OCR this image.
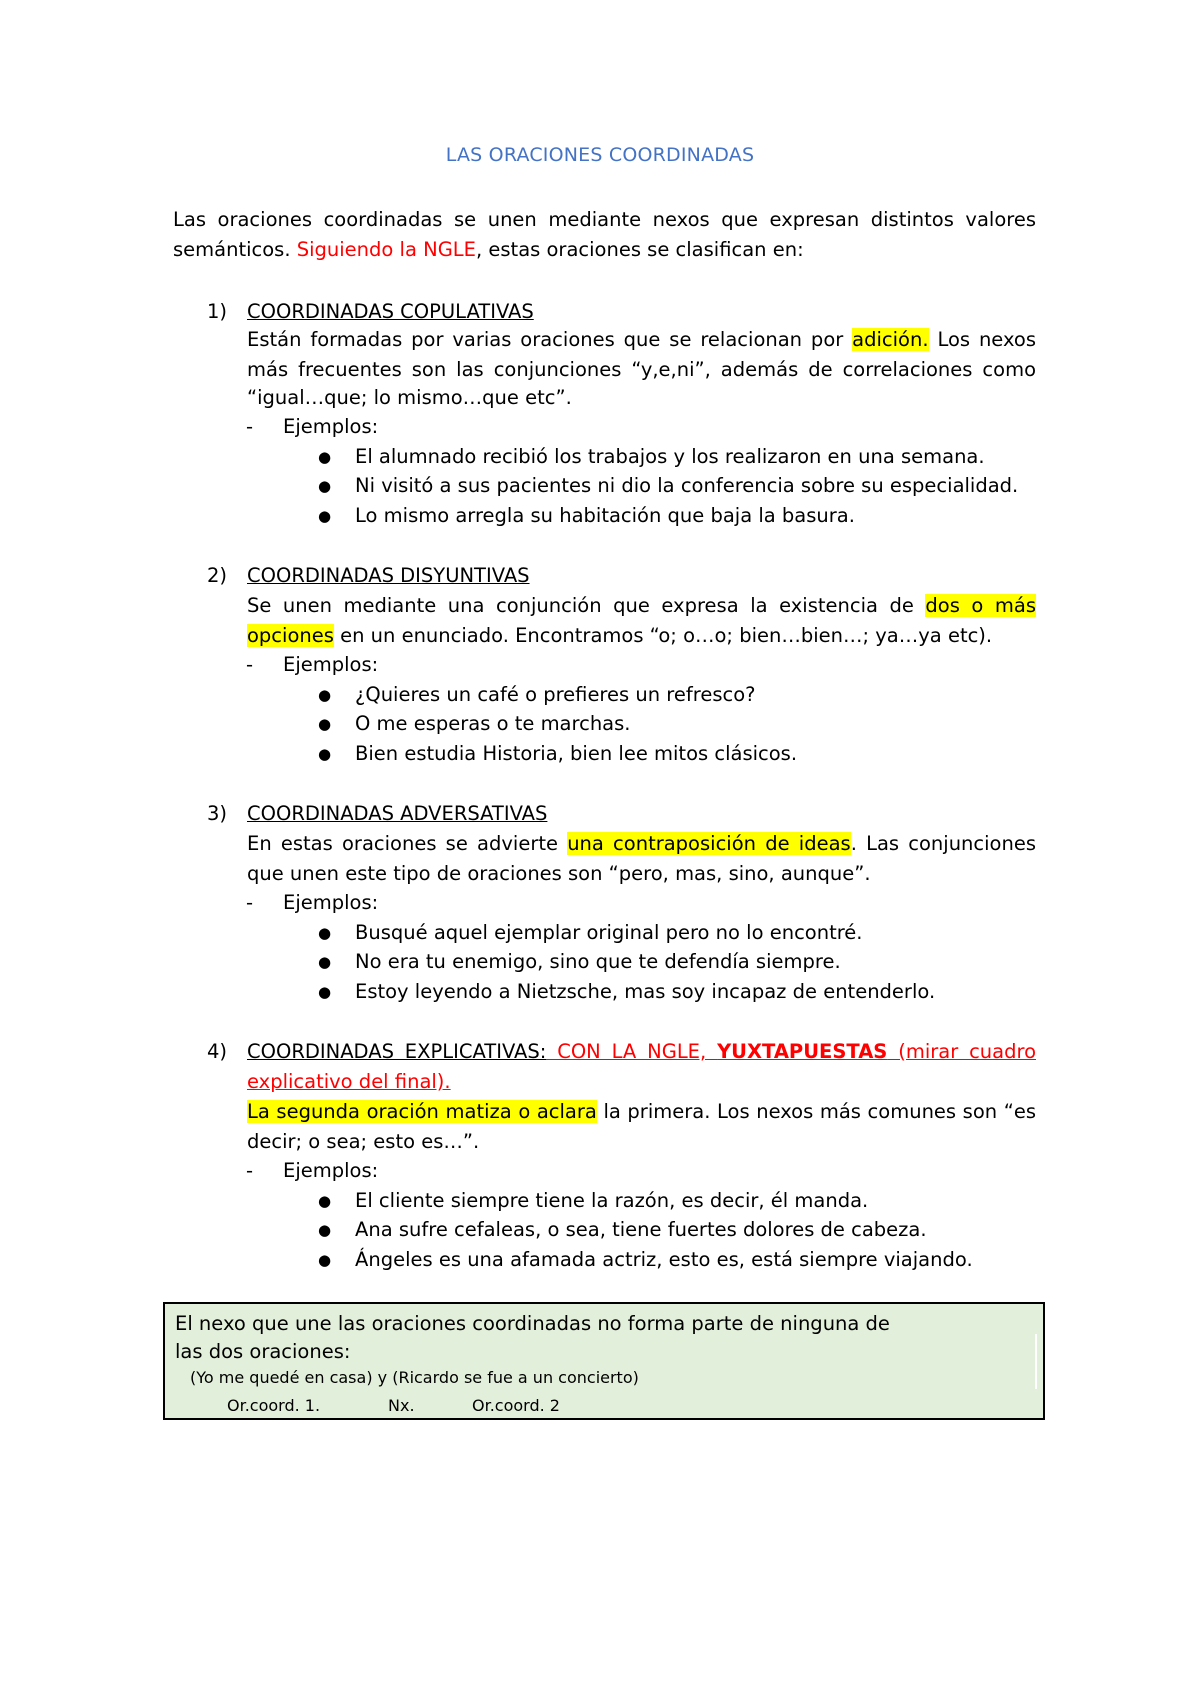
LAS ORACIONES COORDINADAS
Las oraciones coordinadas se unen mediante nexos que expresan distintos valores
semánticos. Siguiendo la NGLE, estas oraciones se clasifican en:
1) COORDINADAS COPULATIVAS
Están formadas por varias oraciones que se relacionan por adición. Los nexos
más frecuentes son las conjunciones “y,e,ni”, además de correlaciones como
“igual…que; lo mismo…que etc”.
- Ejemplos:
● El alumnado recibió los trabajos y los realizaron en una semana.
● Ni visitó a sus pacientes ni dio la conferencia sobre su especialidad.
● Lo mismo arregla su habitación que baja la basura.
2) COORDINADAS DISYUNTIVAS
Se unen mediante una conjunción que expresa la existencia de dos o más
opciones en un enunciado. Encontramos “o; o…o; bien…bien…; ya…ya etc).
- Ejemplos:
● ¿Quieres un café o prefieres un refresco?
● O me esperas o te marchas.
● Bien estudia Historia, bien lee mitos clásicos.
3) COORDINADAS ADVERSATIVAS
En estas oraciones se advierte una contraposición de ideas. Las conjunciones
que unen este tipo de oraciones son “pero, mas, sino, aunque”.
- Ejemplos:
● Busqué aquel ejemplar original pero no lo encontré.
● No era tu enemigo, sino que te defendía siempre.
● Estoy leyendo a Nietzsche, mas soy incapaz de entenderlo.
4) COORDINADAS EXPLICATIVAS: CON LA NGLE, YUXTAPUESTAS (mirar cuadro
explicativo del final).
La segunda oración matiza o aclara la primera. Los nexos más comunes son “es
decir; o sea; esto es…”.
- Ejemplos:
● El cliente siempre tiene la razón, es decir, él manda.
● Ana sufre cefaleas, o sea, tiene fuertes dolores de cabeza.
● Ángeles es una afamada actriz, esto es, está siempre viajando.
El nexo que une las oraciones coordinadas no forma parte de ninguna de
las dos oraciones:
(Yo me quedé en casa) y (Ricardo se fue a un concierto)
Or.coord. 1.	Nx.	Or.coord. 2
